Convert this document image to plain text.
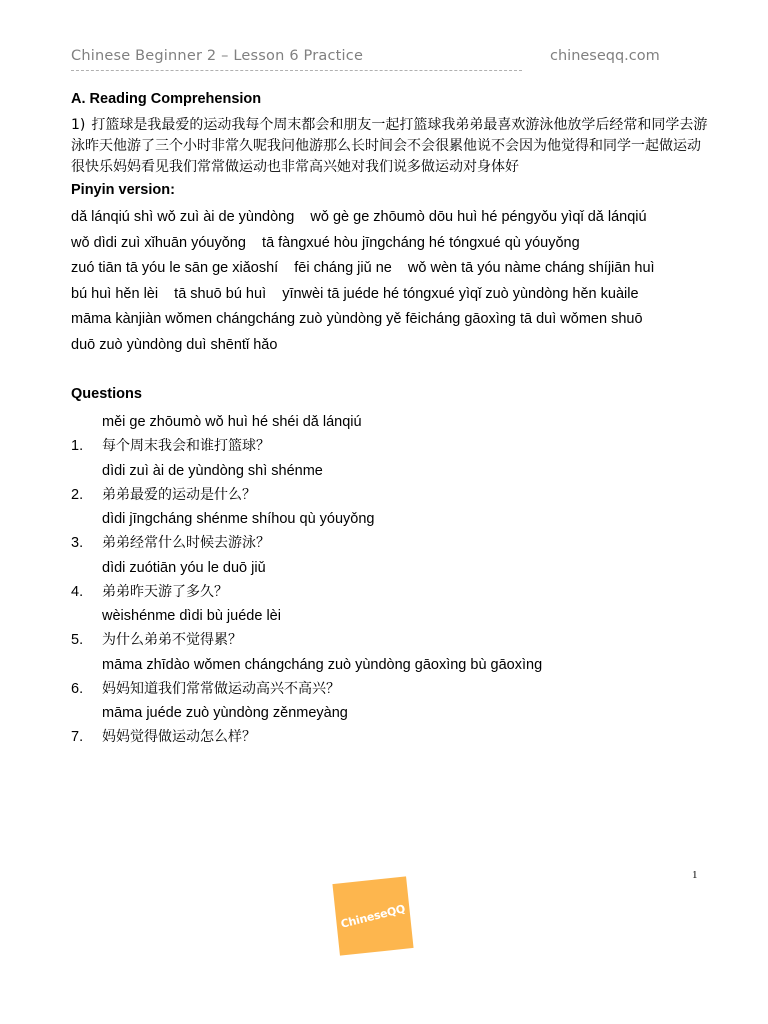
Chinese Beginner 2 – Lesson 6 Practice	chineseqq.com
A. Reading Comprehension
1) 打篮球是我最爱的运动我每个周末都会和朋友一起打篮球我弟弟最喜欢游泳他放学后经常和同学去游泳昨天他游了三个小时非常久呢我问他游那么长时间会不会很累他说不会因为他觉得和同学一起做运动很快乐妈妈看见我们常常做运动也非常高兴她对我们说多做运动对身体好
Pinyin version:
dǎ lánqiú shì wǒ zuì ài de yùndòng    wǒ gè ge zhōumò dōu huì hé péngyǒu yìqǐ dǎ lánqiú
wǒ dìdi zuì xǐhuān yóuyǒng    tā fàngxué hòu jīngcháng hé tóngxué qù yóuyǒng
zuó tiān tā yóu le sān ge xiǎoshí    fēi cháng jiǔ ne    wǒ wèn tā yóu nàme cháng shíjiān huì
bú huì hěn lèi    tā shuō bú huì    yīnwèi tā juéde hé tóngxué yìqǐ zuò yùndòng hěn kuàile
māma kànjiàn wǒmen chángcháng zuò yùndòng yě fēicháng gāoxìng tā duì wǒmen shuō
duō zuò yùndòng duì shēntǐ hǎo
Questions
měi ge zhōumò wǒ huì hé shéi dǎ lánqiú
1. 每个周末我会和谁打篮球？
dìdi zuì ài de yùndòng shì shénme
2. 弟弟最爱的运动是什么？
dìdi jīngcháng shénme shíhou qù yóuyǒng
3. 弟弟经常什么时候去游泳？
dìdi zuótiān yóu le duō jiǔ
4. 弟弟昨天游了多久？
wèishénme dìdi bù juéde lèi
5. 为什么弟弟不觉得累？
māma zhīdào wǒmen chángcháng zuò yùndòng gāoxìng bù gāoxìng
6. 妈妈知道我们常常做运动高兴不高兴？
māma juéde zuò yùndòng zěnmeyàng
7. 妈妈觉得做运动怎么样？
1
ChineseQQ
